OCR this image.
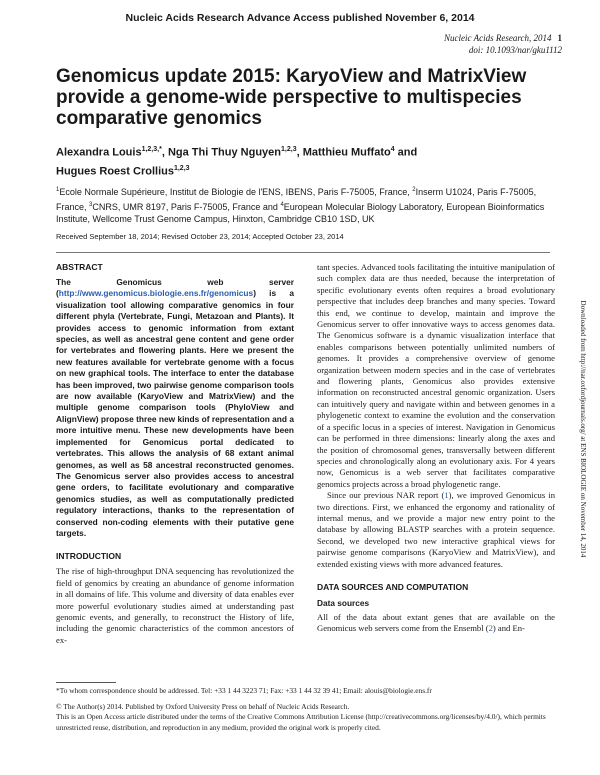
Nucleic Acids Research Advance Access published November 6, 2014
Nucleic Acids Research, 2014 1
doi: 10.1093/nar/gku1112
Genomicus update 2015: KaryoView and MatrixView provide a genome-wide perspective to multispecies comparative genomics
Alexandra Louis$^{1,2,3,*}$, Nga Thi Thuy Nguyen$^{1,2,3}$, Matthieu Muffato$^4$ and
Hugues Roest Crollius$^{1,2,3}$
$^1$Ecole Normale Supérieure, Institut de Biologie de l'ENS, IBENS, Paris F-75005, France, $^2$Inserm U1024, Paris F-75005, France, $^3$CNRS, UMR 8197, Paris F-75005, France and $^4$European Molecular Biology Laboratory, European Bioinformatics Institute, Wellcome Trust Genome Campus, Hinxton, Cambridge CB10 1SD, UK
Received September 18, 2014; Revised October 23, 2014; Accepted October 23, 2014
ABSTRACT

The Genomicus web server (http://www.genomicus.biologie.ens.fr/genomicus) is a visualization tool allowing comparative genomics in four different phyla (Vertebrate, Fungi, Metazoan and Plants). It provides access to genomic information from extant species, as well as ancestral gene content and gene order for vertebrates and flowering plants. Here we present the new features available for vertebrate genome with a focus on new graphical tools. The interface to enter the database has been improved, two pairwise genome comparison tools are now available (KaryoView and MatrixView) and the multiple genome comparison tools (PhyloView and AlignView) propose three new kinds of representation and a more intuitive menu. These new developments have been implemented for Genomicus portal dedicated to vertebrates. This allows the analysis of 68 extant animal genomes, as well as 58 ancestral reconstructed genomes. The Genomicus server also provides access to ancestral gene orders, to facilitate evolutionary and comparative genomics studies, as well as computationally predicted regulatory interactions, thanks to the representation of conserved non-coding elements with their putative gene targets.

INTRODUCTION

The rise of high-throughput DNA sequencing has revolutionized the field of genomics by creating an abundance of genome information in all domains of life. This volume and diversity of data enables ever more powerful evolutionary studies aimed at understanding past genomic events, and generally, to reconstruct the History of life, including the genomic characteristics of the common ancestors of ex-

tant species. Advanced tools facilitating the intuitive manipulation of such complex data are thus needed, because the interpretation of specific evolutionary events often requires a broad evolutionary perspective that includes deep branches and many species. Toward this end, we continue to develop, maintain and improve the Genomicus server to offer innovative ways to access genomes data. The Genomicus software is a dynamic visualization interface that enables comparisons between potentially unlimited numbers of genomes. It provides a comprehensive overview of genome organization between modern species and in the case of vertebrates and flowering plants, Genomicus also provides extensive information on reconstructed ancestral genomic organization. Users can intuitively query and navigate within and between genomes in a phylogenetic context to examine the evolution and the conservation of a specific locus in a species of interest. Navigation in Genomicus can be performed in three dimensions: linearly along the axes and the position of chromosomal genes, transversally between different species and chronologically along an evolutionary axis. For 4 years now, Genomicus is a web server that facilitates comparative genomics projects across a broad phylogenetic range.

Since our previous NAR report (1), we improved Genomicus in two directions. First, we enhanced the ergonomy and rationality of internal menus, and we provide a major new entry point to the database by allowing BLASTP searches with a protein sequence. Second, we developed two new interactive graphical views for pairwise genome comparisons (KaryoView and MatrixView), and extended existing views with more advanced features.

DATA SOURCES AND COMPUTATION
Data sources

All of the data about extant genes that are available on the Genomicus web servers come from the Ensembl (2) and En-

Downloaded from http://nar.oxfordjournals.org/ at ENS BIOLOGIE on November 14, 2014
*To whom correspondence should be addressed. Tel: +33 1 44 3223 71; Fax: +33 1 44 32 39 41; Email: alouis@biologie.ens.fr
© The Author(s) 2014. Published by Oxford University Press on behalf of Nucleic Acids Research.
This is an Open Access article distributed under the terms of the Creative Commons Attribution License (http://creativecommons.org/licenses/by/4.0/), which permits unrestricted reuse, distribution, and reproduction in any medium, provided the original work is properly cited.
